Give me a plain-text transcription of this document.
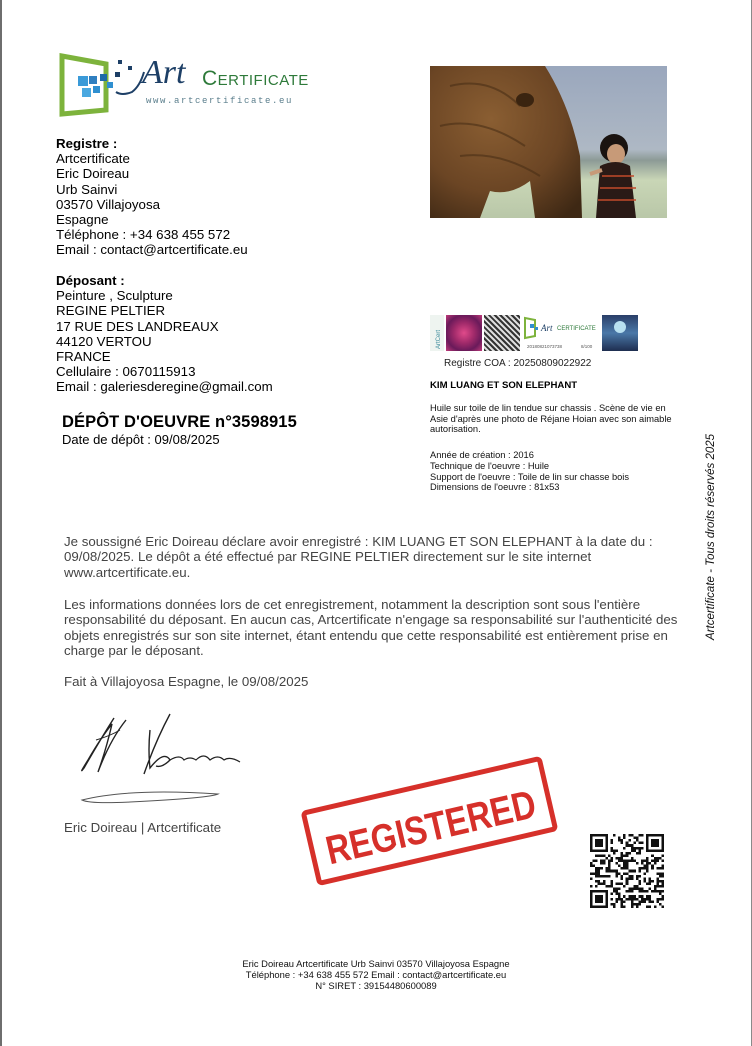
Art Certificate
www.artcertificate.eu
Registre :
Artcertificate
Eric Doireau
Urb Sainvi
03570 Villajoyosa
Espagne
Téléphone : +34 638 455 572
Email : contact@artcertificate.eu
Déposant :
Peinture , Sculpture
REGINE PELTIER
17 RUE DES LANDREAUX
44120 VERTOU
FRANCE
Cellulaire : 0670115913
Email : galeriesderegine@gmail.com
DÉPÔT D'OEUVRE n°3598915
Date de dépôt : 09/08/2025
ArtCert
Art CERTIFICATE
20180821073738	8/100
Registre COA : 20250809022922
KIM LUANG ET SON ELEPHANT
Huile sur toile de lin tendue sur chassis . Scène de vie en Asie d'après une photo de Réjane Hoian avec son aimable autorisation.
Année de création : 2016
Technique de l'oeuvre : Huile
Support de l'oeuvre : Toile de lin sur chasse bois
Dimensions de l'oeuvre : 81x53	Artcertificate - Tous droits réservés 2025
Je soussigné Eric Doireau déclare avoir enregistré : KIM LUANG ET SON ELEPHANT à la date du : 09/08/2025. Le dépôt a été effectué par REGINE PELTIER directement sur le site internet www.artcertificate.eu.
Les informations données lors de cet enregistrement, notamment la description sont sous l'entière responsabilité du déposant. En aucun cas, Artcertificate n'engage sa responsabilité sur l'authenticité des objets enregistrés sur son site internet, étant entendu que cette responsabilité est entièrement prise en charge par le déposant.
Fait à Villajoyosa Espagne, le 09/08/2025
Eric Doireau | Artcertificate	REGISTERED
Eric Doireau Artcertificate Urb Sainvi 03570 Villajoyosa Espagne
Téléphone : +34 638 455 572 Email : contact@artcertificate.eu
N° SIRET : 39154480600089
